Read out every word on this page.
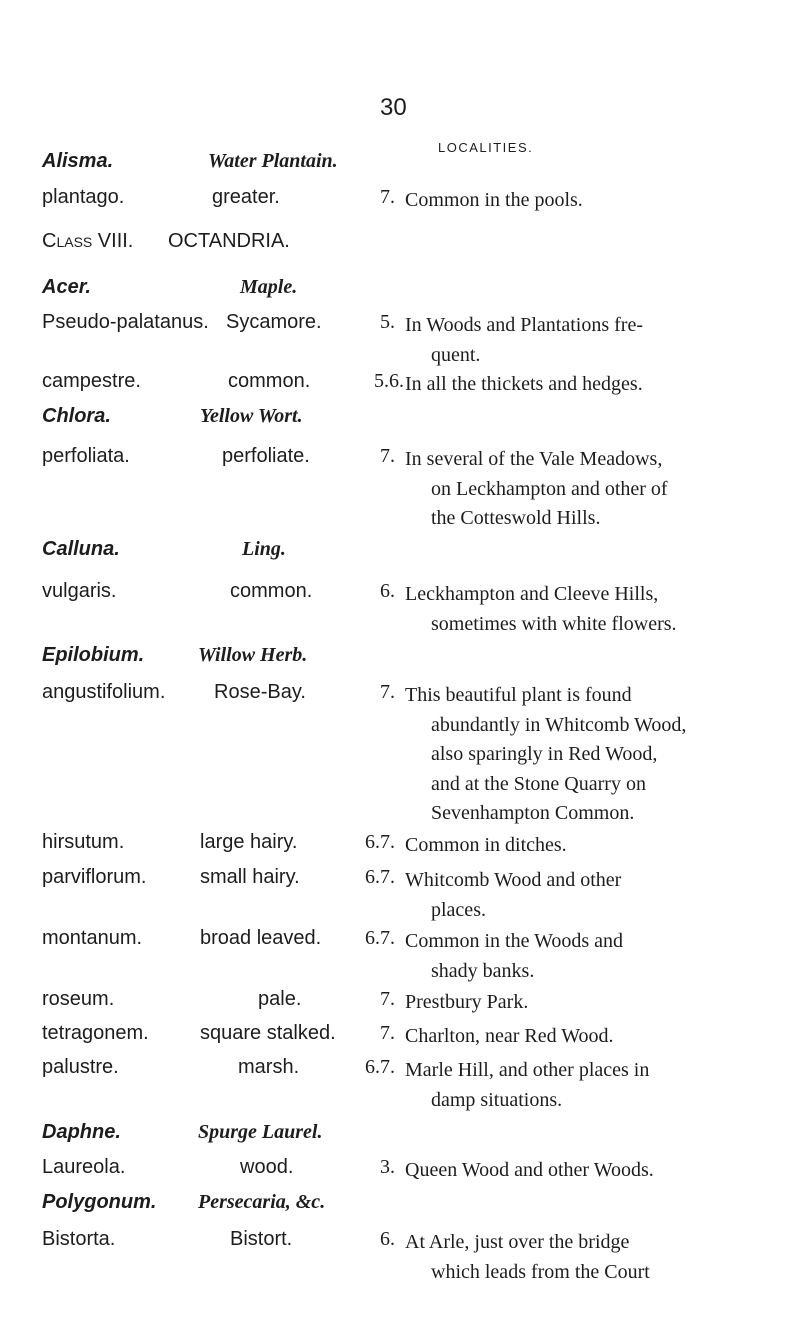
30
LOCALITIES.
Alisma.	Water Plantain.
plantago.	greater.	7. Common in the pools.
Class VIII. OCTANDRIA.
Acer.	Maple.
Pseudo-palatanus. Sycamore.	5. In Woods and Plantations fre-
quent.
campestre.	common.	5.6. In all the thickets and hedges.
Chlora.	Yellow Wort.
perfoliata.	perfoliate.	7. In several of the Vale Meadows,
on Leckhampton and other of
the Cotteswold Hills.
Calluna.	Ling.
vulgaris.	common.	6. Leckhampton and Cleeve Hills,
sometimes with white flowers.
Epilobium.	Willow Herb.
angustifolium. Rose-Bay.	7. This beautiful plant is found
abundantly in Whitcomb Wood,
also sparingly in Red Wood,
and at the Stone Quarry on
Sevenhampton Common.
hirsutum.	large hairy.	6.7. Common in ditches.
parviflorum.	small hairy.	6.7. Whitcomb Wood and other
places.
montanum.	broad leaved.	6.7. Common in the Woods and
shady banks.
roseum.	pale.	7. Prestbury Park.
tetragonem.	square stalked.	7. Charlton, near Red Wood.
palustre.	marsh.	6.7. Marle Hill, and other places in
damp situations.
Daphne.	Spurge Laurel.
Laureola.	wood.	3. Queen Wood and other Woods.
Polygonum. Persecaria, &c.
Bistorta.	Bistort.	6. At Arle, just over the bridge
which leads from the Court
